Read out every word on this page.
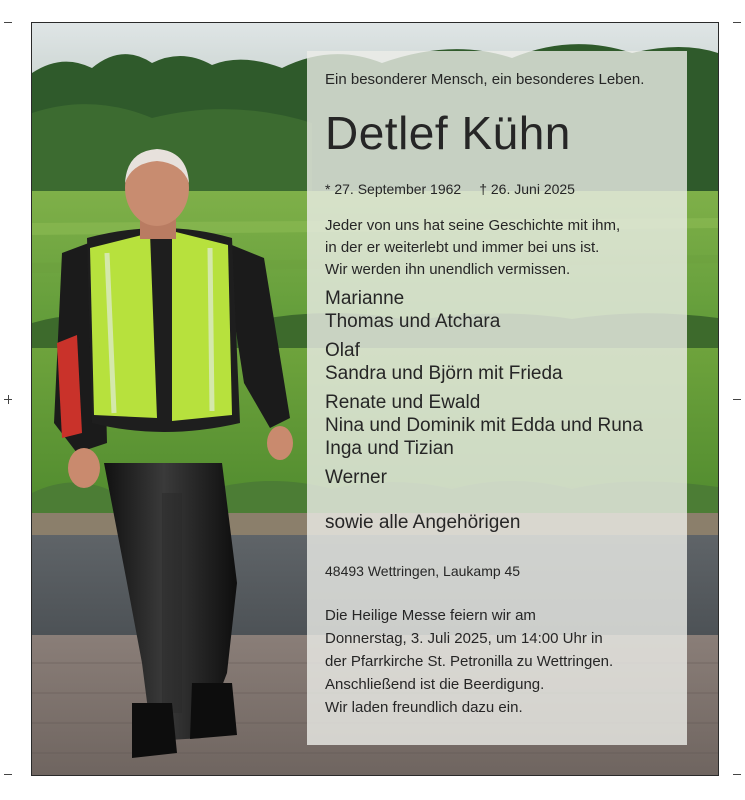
Ein besonderer Mensch, ein besonderes Leben.
Detlef Kühn
* 27. September 1962 † 26. Juni 2025
Jeder von uns hat seine Geschichte mit ihm,
in der er weiterlebt und immer bei uns ist.
Wir werden ihn unendlich vermissen.
Marianne
Thomas und Atchara
Olaf
Sandra und Björn mit Frieda
Renate und Ewald
Nina und Dominik mit Edda und Runa
Inga und Tizian
Werner
sowie alle Angehörigen
48493 Wettringen, Laukamp 45
Die Heilige Messe feiern wir am
Donnerstag, 3. Juli 2025, um 14:00 Uhr in
der Pfarrkirche St. Petronilla zu Wettringen.
Anschließend ist die Beerdigung.
Wir laden freundlich dazu ein.
